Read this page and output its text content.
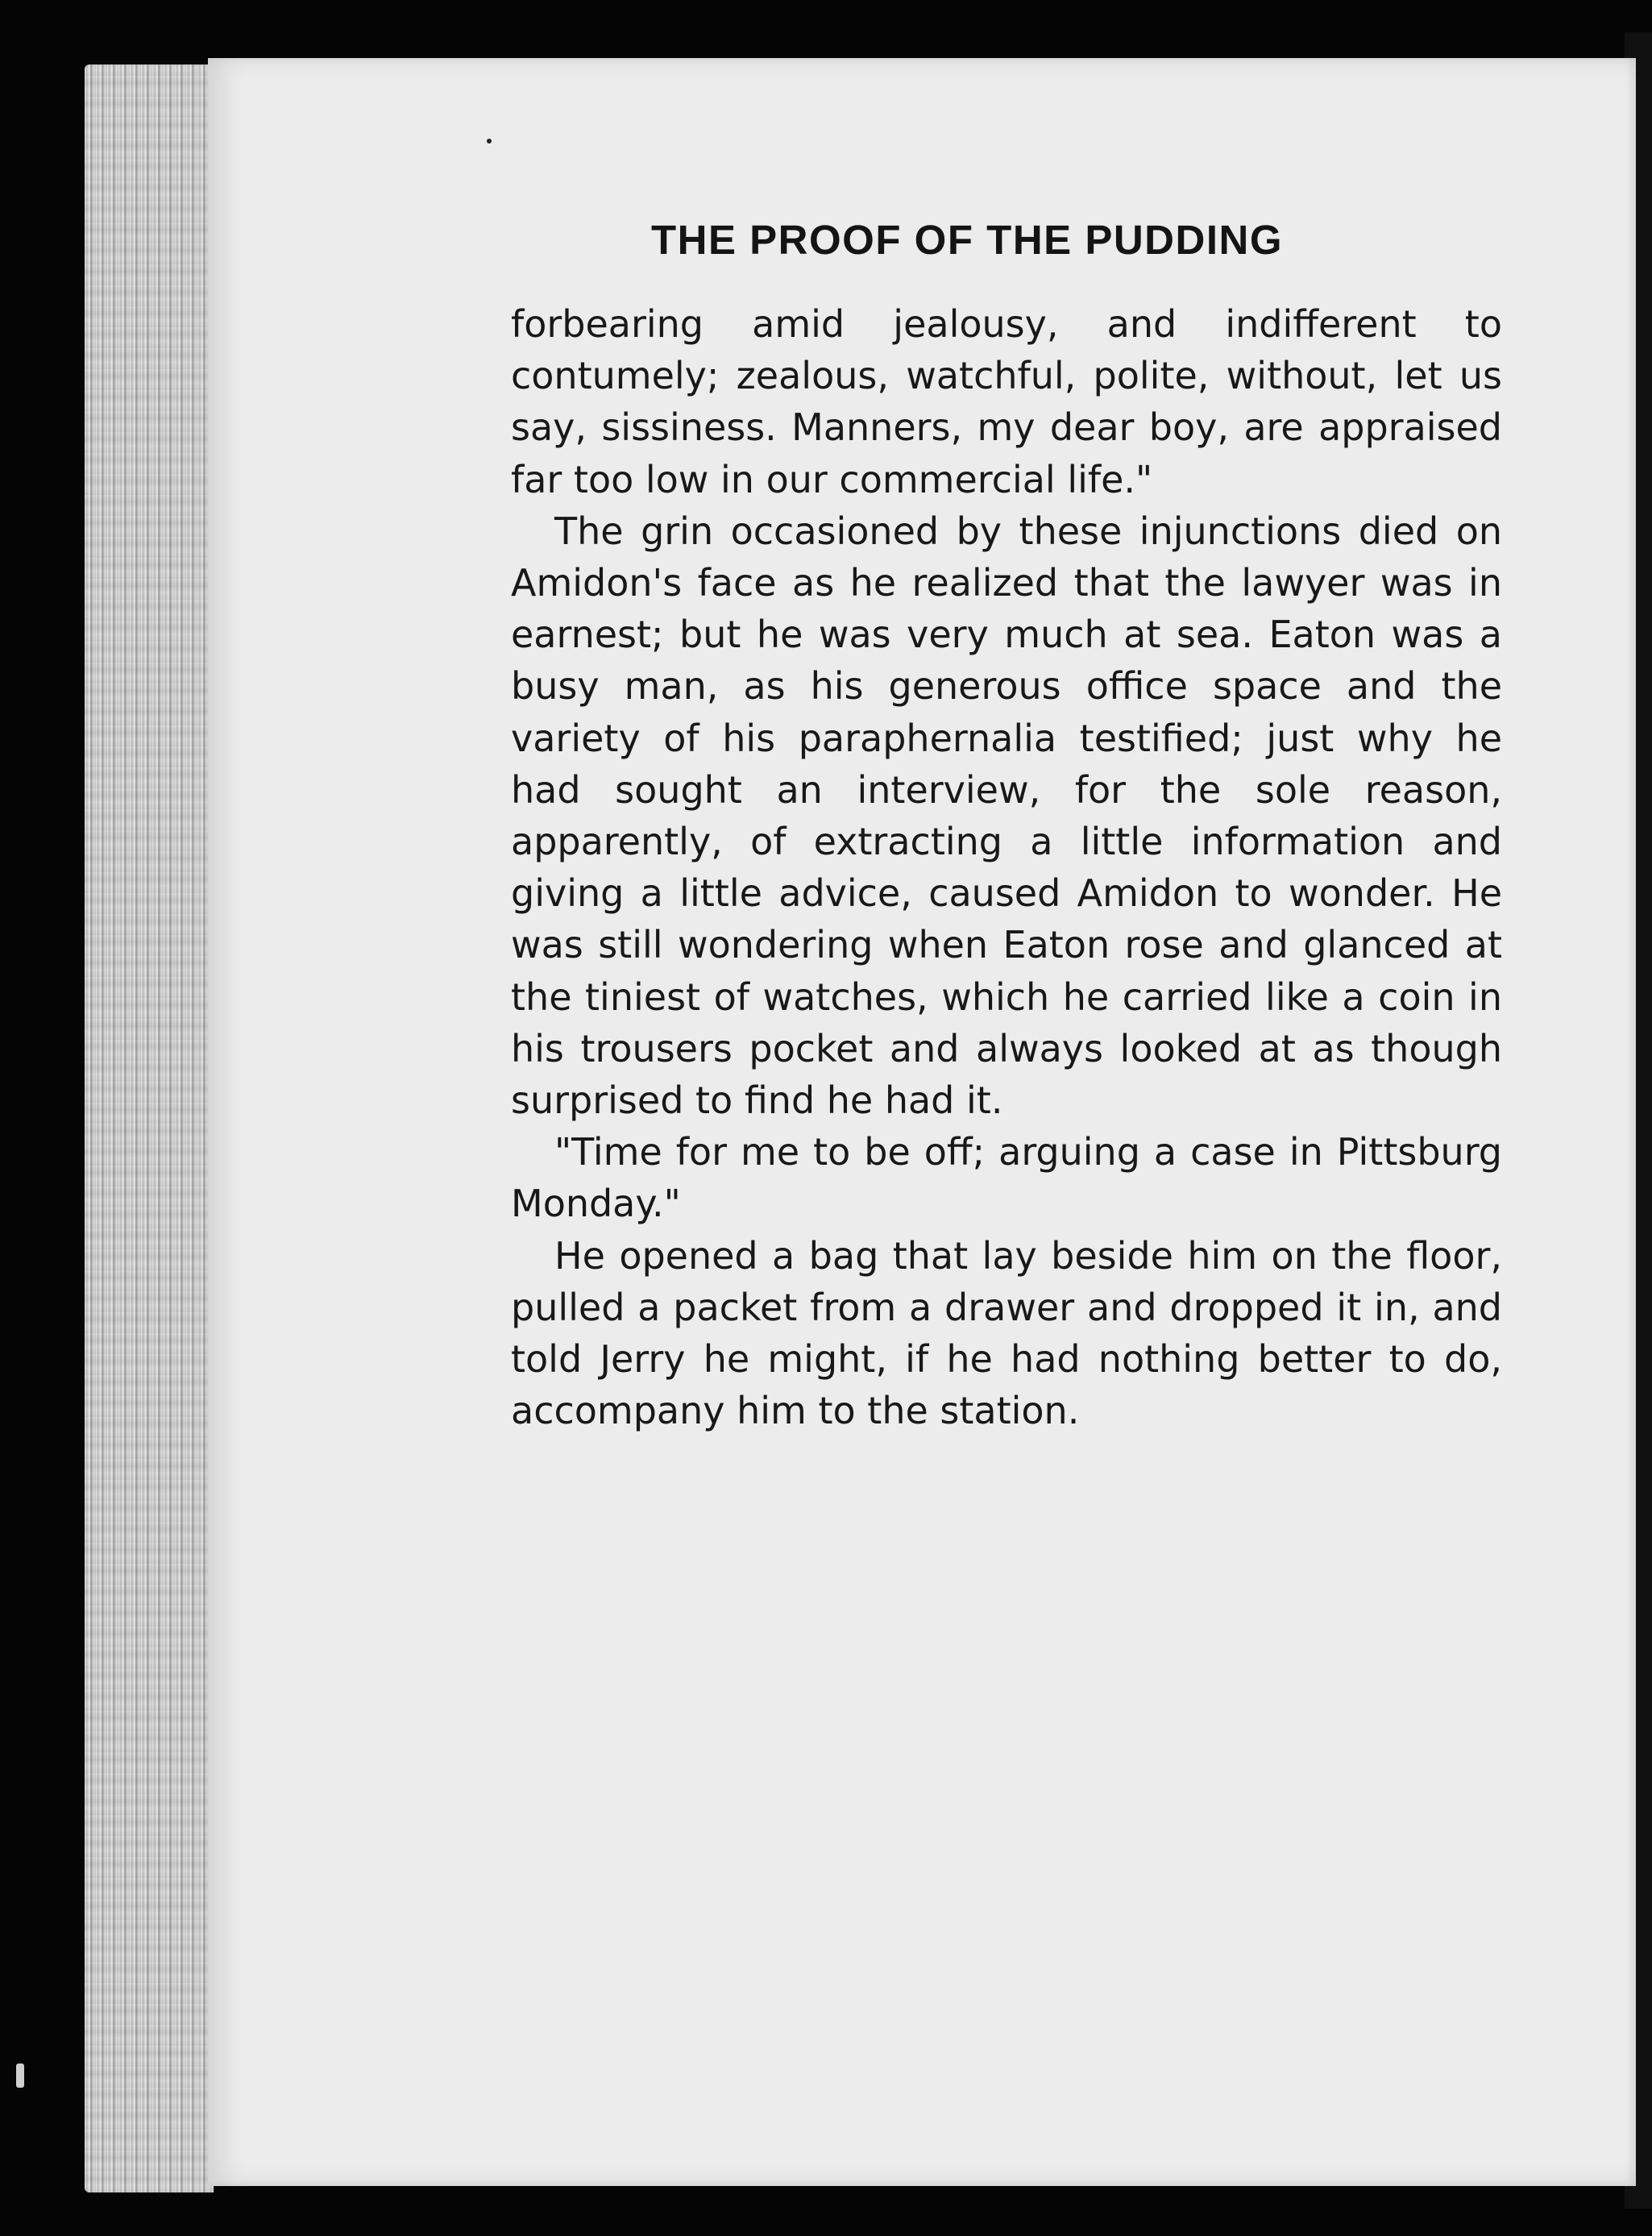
THE PROOF OF THE PUDDING

forbearing amid jealousy, and indifferent to contumely; zealous, watchful, polite, without, let us say, sissiness. Manners, my dear boy, are appraised far too low in our commercial life."

The grin occasioned by these injunctions died on Amidon's face as he realized that the lawyer was in earnest; but he was very much at sea. Eaton was a busy man, as his generous office space and the variety of his paraphernalia testified; just why he had sought an interview, for the sole reason, apparently, of extracting a little information and giving a little advice, caused Amidon to wonder. He was still wondering when Eaton rose and glanced at the tiniest of watches, which he carried like a coin in his trousers pocket and always looked at as though surprised to find he had it.

"Time for me to be off; arguing a case in Pittsburg Monday."

He opened a bag that lay beside him on the floor, pulled a packet from a drawer and dropped it in, and told Jerry he might, if he had nothing better to do, accompany him to the station.
